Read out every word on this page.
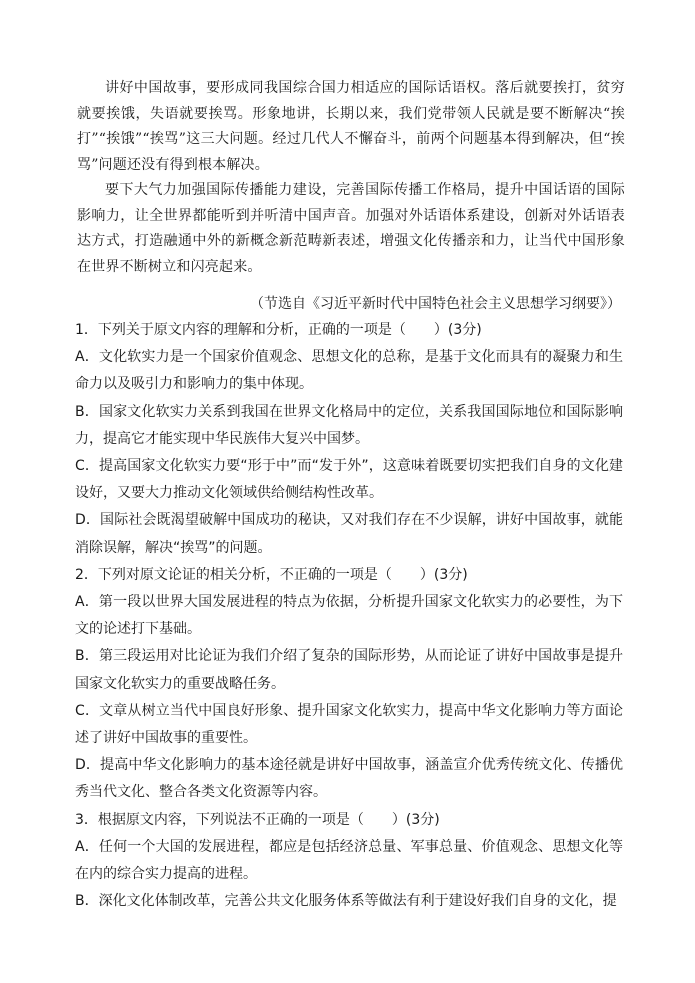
讲好中国故事，要形成同我国综合国力相适应的国际话语权。落后就要挨打，贫穷就要挨饿，失语就要挨骂。形象地讲，长期以来，我们党带领人民就是要不断解决“挨打”“挨饿”“挨骂”这三大问题。经过几代人不懈奋斗，前两个问题基本得到解决，但“挨骂”问题还没有得到根本解决。

要下大气力加强国际传播能力建设，完善国际传播工作格局，提升中国话语的国际影响力，让全世界都能听到并听清中国声音。加强对外话语体系建设，创新对外话语表达方式，打造融通中外的新概念新范畴新表述，增强文化传播亲和力，让当代中国形象在世界不断树立和闪亮起来。

（节选自《习近平新时代中国特色社会主义思想学习纲要》）

1．下列关于原文内容的理解和分析，正确的一项是（　　）(3分)

A．文化软实力是一个国家价值观念、思想文化的总称，是基于文化而具有的凝聚力和生命力以及吸引力和影响力的集中体现。

B．国家文化软实力关系到我国在世界文化格局中的定位，关系我国国际地位和国际影响力，提高它才能实现中华民族伟大复兴中国梦。

C．提高国家文化软实力要“形于中”而“发于外”，这意味着既要切实把我们自身的文化建设好，又要大力推动文化领域供给侧结构性改革。

D．国际社会既渴望破解中国成功的秘诀，又对我们存在不少误解，讲好中国故事，就能消除误解，解决“挨骂”的问题。

2．下列对原文论证的相关分析，不正确的一项是（　　）(3分)

A．第一段以世界大国发展进程的特点为依据，分析提升国家文化软实力的必要性，为下文的论述打下基础。

B．第三段运用对比论证为我们介绍了复杂的国际形势，从而论证了讲好中国故事是提升国家文化软实力的重要战略任务。

C．文章从树立当代中国良好形象、提升国家文化软实力，提高中华文化影响力等方面论述了讲好中国故事的重要性。

D．提高中华文化影响力的基本途径就是讲好中国故事，涵盖宣介优秀传统文化、传播优秀当代文化、整合各类文化资源等内容。

3．根据原文内容，下列说法不正确的一项是（　　）(3分)

A．任何一个大国的发展进程，都应是包括经济总量、军事总量、价值观念、思想文化等在内的综合实力提高的进程。

B．深化文化体制改革，完善公共文化服务体系等做法有利于建设好我们自身的文化，提
